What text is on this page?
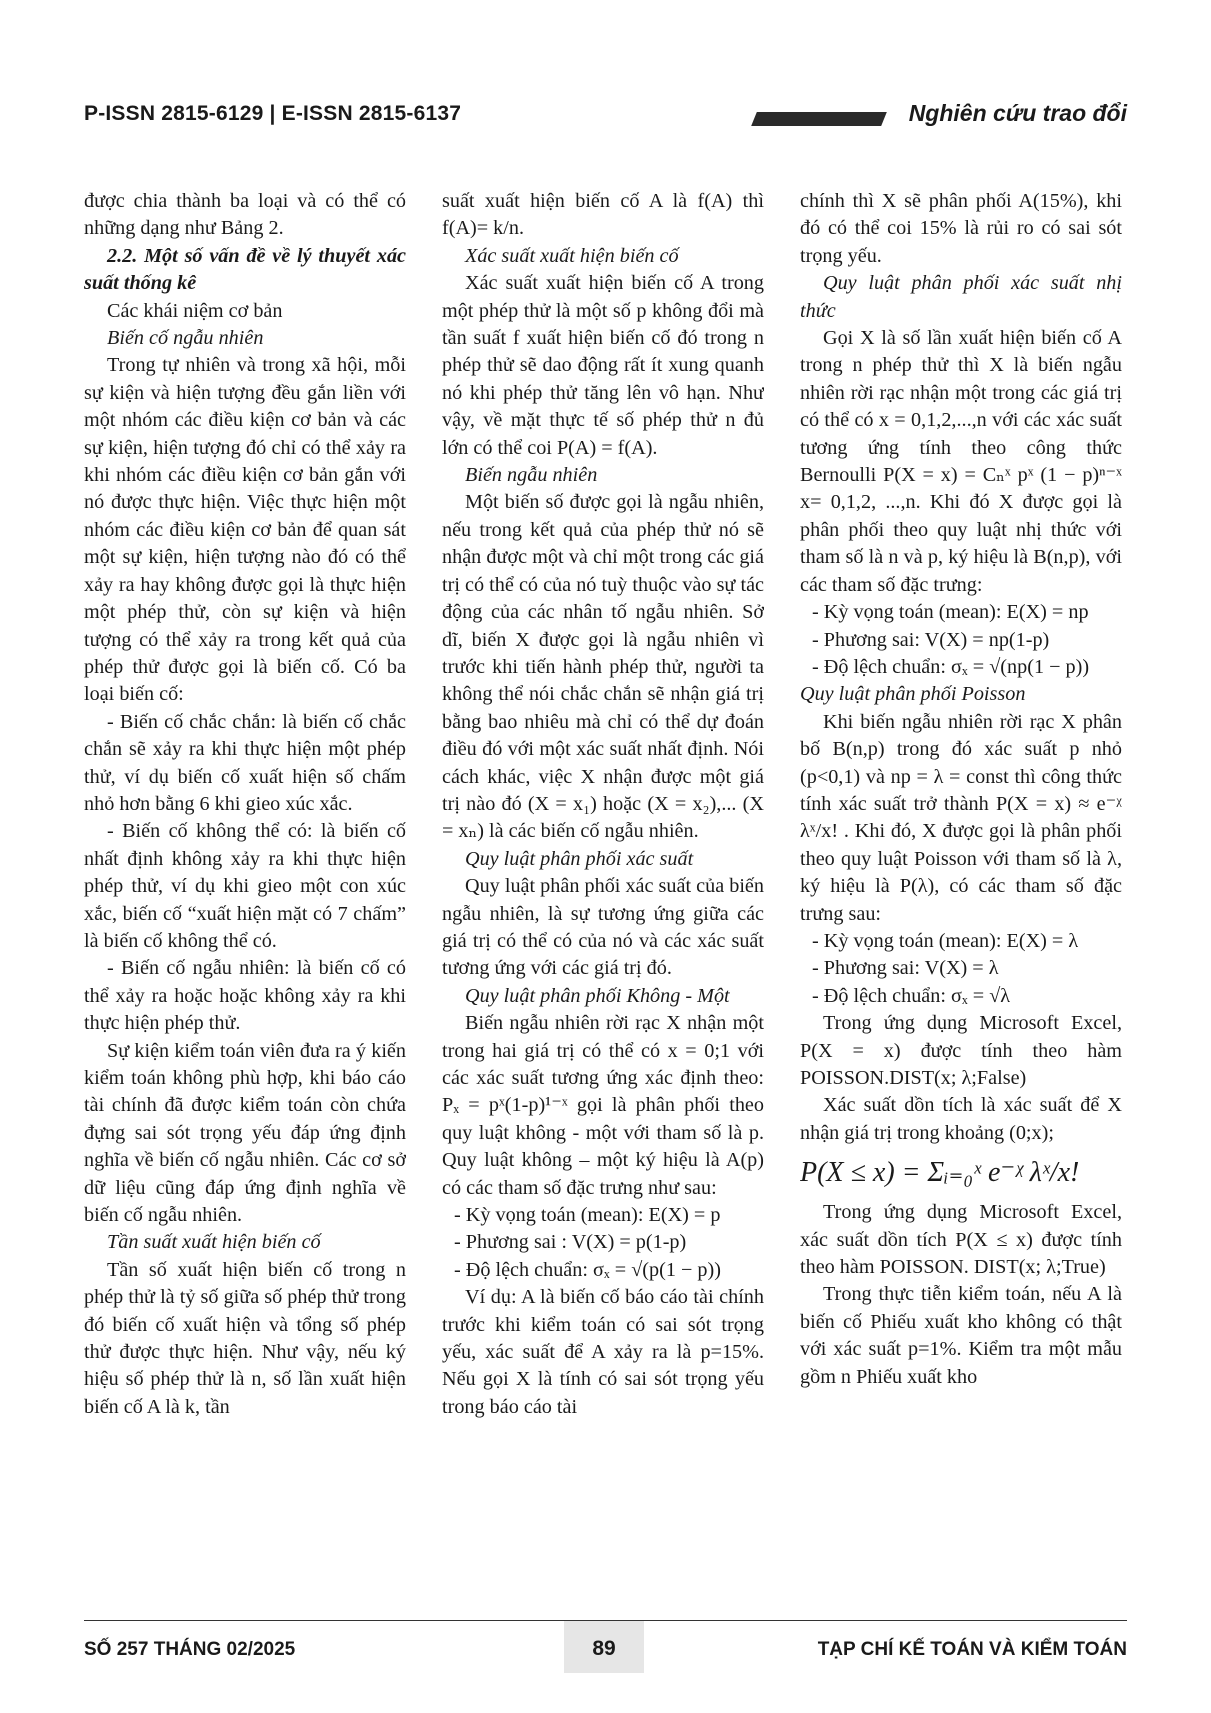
P-ISSN 2815-6129 | E-ISSN 2815-6137	Nghiên cứu trao đổi

được chia thành ba loại và có thể có những dạng như Bảng 2.

2.2. Một số vấn đề về lý thuyết xác suất thống kê

Các khái niệm cơ bản

Biến cố ngẫu nhiên

Trong tự nhiên và trong xã hội, mỗi sự kiện và hiện tượng đều gắn liền với một nhóm các điều kiện cơ bản và các sự kiện, hiện tượng đó chỉ có thể xảy ra khi nhóm các điều kiện cơ bản gắn với nó được thực hiện. Việc thực hiện một nhóm các điều kiện cơ bản để quan sát một sự kiện, hiện tượng nào đó có thể xảy ra hay không được gọi là thực hiện một phép thử, còn sự kiện và hiện tượng có thể xảy ra trong kết quả của phép thử được gọi là biến cố. Có ba loại biến cố:

- Biến cố chắc chắn: là biến cố chắc chắn sẽ xảy ra khi thực hiện một phép thử, ví dụ biến cố xuất hiện số chấm nhỏ hơn bằng 6 khi gieo xúc xắc.

- Biến cố không thể có: là biến cố nhất định không xảy ra khi thực hiện phép thử, ví dụ khi gieo một con xúc xắc, biến cố “xuất hiện mặt có 7 chấm” là biến cố không thể có.

- Biến cố ngẫu nhiên: là biến cố có thể xảy ra hoặc hoặc không xảy ra khi thực hiện phép thử.

Sự kiện kiểm toán viên đưa ra ý kiến kiểm toán không phù hợp, khi báo cáo tài chính đã được kiểm toán còn chứa đựng sai sót trọng yếu đáp ứng định nghĩa về biến cố ngẫu nhiên. Các cơ sở dữ liệu cũng đáp ứng định nghĩa về biến cố ngẫu nhiên.

Tần suất xuất hiện biến cố

Tần số xuất hiện biến cố trong n phép thử là tỷ số giữa số phép thử trong đó biến cố xuất hiện và tổng số phép thử được thực hiện. Như vậy, nếu ký hiệu số phép thử là n, số lần xuất hiện biến cố A là k, tần

suất xuất hiện biến cố A là f(A) thì f(A)= k/n.

Xác suất xuất hiện biến cố

Xác suất xuất hiện biến cố A trong một phép thử là một số p không đổi mà tần suất f xuất hiện biến cố đó trong n phép thử sẽ dao động rất ít xung quanh nó khi phép thử tăng lên vô hạn. Như vậy, về mặt thực tế số phép thử n đủ lớn có thể coi P(A) = f(A).

Biến ngẫu nhiên

Một biến số được gọi là ngẫu nhiên, nếu trong kết quả của phép thử nó sẽ nhận được một và chỉ một trong các giá trị có thể có của nó tuỳ thuộc vào sự tác động của các nhân tố ngẫu nhiên. Sở dĩ, biến X được gọi là ngẫu nhiên vì trước khi tiến hành phép thử, người ta không thể nói chắc chắn sẽ nhận giá trị bằng bao nhiêu mà chỉ có thể dự đoán điều đó với một xác suất nhất định. Nói cách khác, việc X nhận được một giá trị nào đó (X = x₁) hoặc (X = x₂),... (X = xₙ) là các biến cố ngẫu nhiên.

Quy luật phân phối xác suất

Quy luật phân phối xác suất của biến ngẫu nhiên, là sự tương ứng giữa các giá trị có thể có của nó và các xác suất tương ứng với các giá trị đó.

Quy luật phân phối Không - Một

Biến ngẫu nhiên rời rạc X nhận một trong hai giá trị có thể có x = 0;1 với các xác suất tương ứng xác định theo: Pₓ = pˣ(1-p)¹⁻ˣ gọi là phân phối theo quy luật không - một với tham số là p. Quy luật không – một ký hiệu là A(p) có các tham số đặc trưng như sau:

- Kỳ vọng toán (mean): E(X) = p

- Phương sai : V(X) = p(1-p)

- Độ lệch chuẩn: σₓ = √(p(1 − p))

Ví dụ: A là biến cố báo cáo tài chính trước khi kiểm toán có sai sót trọng yếu, xác suất để A xảy ra là p=15%. Nếu gọi X là tính có sai sót trọng yếu trong báo cáo tài

chính thì X sẽ phân phối A(15%), khi đó có thể coi 15% là rủi ro có sai sót trọng yếu.

Quy luật phân phối xác suất nhị thức

Gọi X là số lần xuất hiện biến cố A trong n phép thử thì X là biến ngẫu nhiên rời rạc nhận một trong các giá trị có thể có x = 0,1,2,...,n với các xác suất tương ứng tính theo công thức Bernoulli P(X = x) = Cₙˣ pˣ (1 − p)ⁿ⁻ˣ x= 0,1,2, ...,n. Khi đó X được gọi là phân phối theo quy luật nhị thức với tham số là n và p, ký hiệu là B(n,p), với các tham số đặc trưng:

- Kỳ vọng toán (mean): E(X) = np

- Phương sai: V(X) = np(1-p)

- Độ lệch chuẩn: σₓ = √(np(1 − p))

Quy luật phân phối Poisson

Khi biến ngẫu nhiên rời rạc X phân bố B(n,p) trong đó xác suất p nhỏ (p<0,1) và np = λ = const thì công thức tính xác suất trở thành P(X = x) ≈ e⁻ᵡ λˣ/x! . Khi đó, X được gọi là phân phối theo quy luật Poisson với tham số là λ, ký hiệu là P(λ), có các tham số đặc trưng sau:

- Kỳ vọng toán (mean): E(X) = λ

- Phương sai: V(X) = λ

- Độ lệch chuẩn: σₓ = √λ

Trong ứng dụng Microsoft Excel, P(X = x) được tính theo hàm POISSON.DIST(x; λ;False)

Xác suất dồn tích là xác suất để X nhận giá trị trong khoảng (0;x);

P(X ≤ x) = Σᵢ₌₀ˣ e⁻ᵡ λˣ/x!

Trong ứng dụng Microsoft Excel, xác suất dồn tích P(X ≤ x) được tính theo hàm POISSON. DIST(x; λ;True)

Trong thực tiễn kiểm toán, nếu A là biến cố Phiếu xuất kho không có thật với xác suất p=1%. Kiểm tra một mẫu gồm n Phiếu xuất kho

SỐ 257 THÁNG 02/2025	89	TẠP CHÍ KẾ TOÁN VÀ KIỂM TOÁN
